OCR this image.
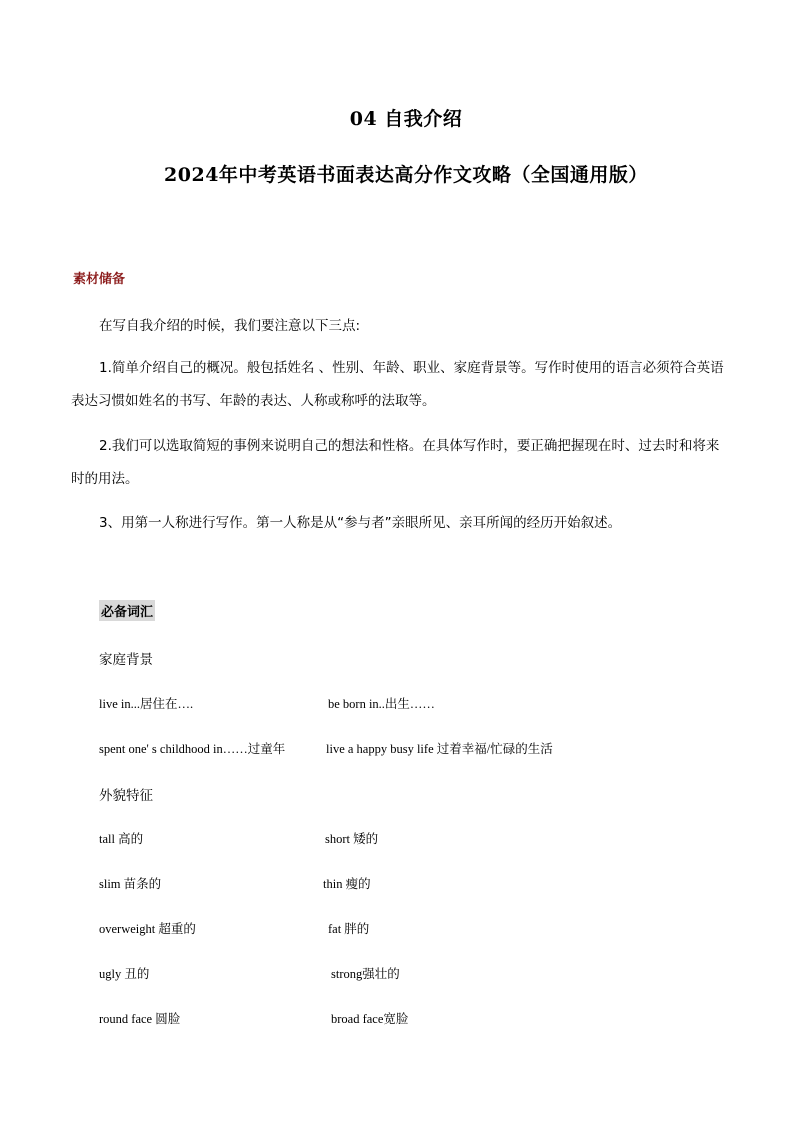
04 自我介绍
2024年中考英语书面表达高分作文攻略（全国通用版）
素材储备
在写自我介绍的时候，我们要注意以下三点:
1.简单介绍自己的概况。般包括姓名 、性别、年龄、职业、家庭背景等。写作时使用的语言必须符合英语表达习惯如姓名的书写、年龄的表达、人称或称呼的法取等。
2.我们可以选取简短的事例来说明自己的想法和性格。在具体写作时，要正确把握现在时、过去时和将来时的用法。
3、用第一人称进行写作。第一人称是从“参与者”亲眼所见、亲耳所闻的经历开始叙述。
必备词汇
家庭背景
live in...居住在….	be born in..出生……
spent one' s childhood in……过童年	live a happy busy life 过着幸福/忙碌的生活
外貌特征
tall 高的	short 矮的
slim 苗条的	thin 瘦的
overweight 超重的	fat 胖的
ugly 丑的	strong强壮的
round face 圆脸	broad face宽脸
